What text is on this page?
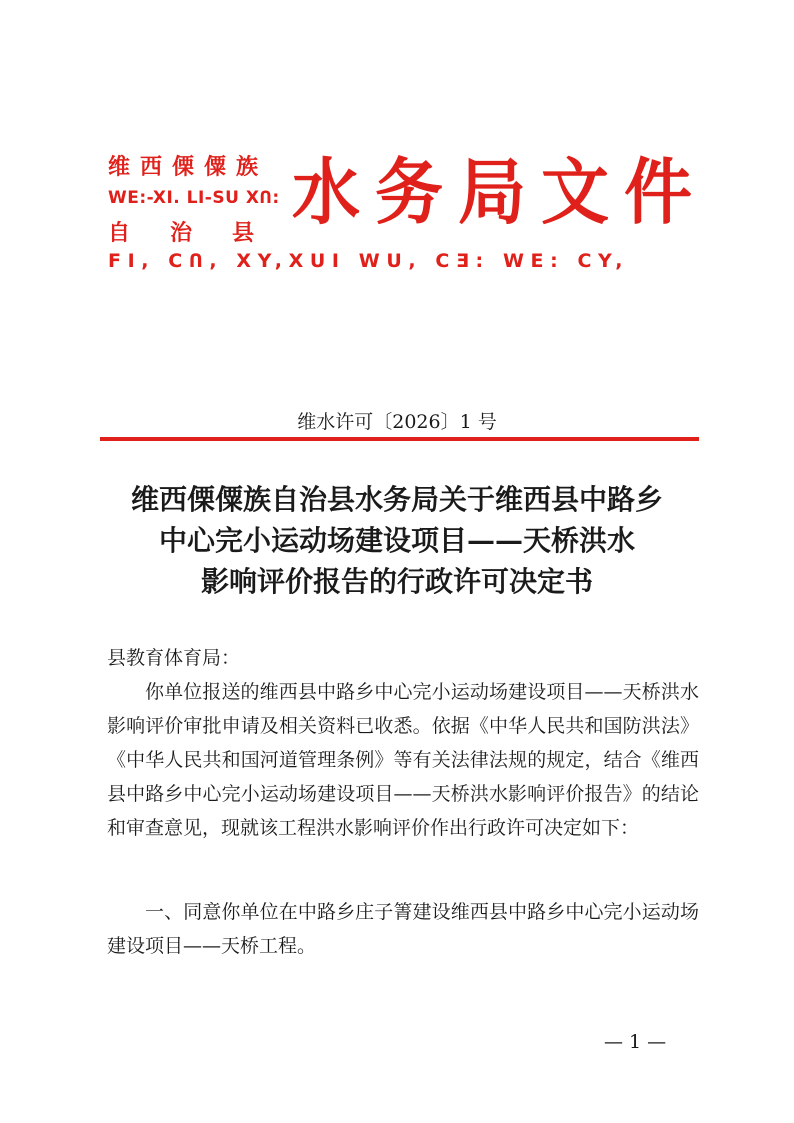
维西傈僳族
WE:-XI. LI-SU XՈ:
自治县
水 务 局 文 件
FI, CՈ, XY,XUI WU, CƎ: WE: CY,
维水许可〔2026〕1 号
维西傈僳族自治县水务局关于维西县中路乡
中心完小运动场建设项目——天桥洪水
影响评价报告的行政许可决定书
县教育体育局：
你单位报送的维西县中路乡中心完小运动场建设项目——天桥洪水影响评价审批申请及相关资料已收悉。依据《中华人民共和国防洪法》《中华人民共和国河道管理条例》等有关法律法规的规定，结合《维西县中路乡中心完小运动场建设项目——天桥洪水影响评价报告》的结论和审查意见，现就该工程洪水影响评价作出行政许可决定如下：
一、同意你单位在中路乡庄子箐建设维西县中路乡中心完小运动场建设项目——天桥工程。
— 1 —
